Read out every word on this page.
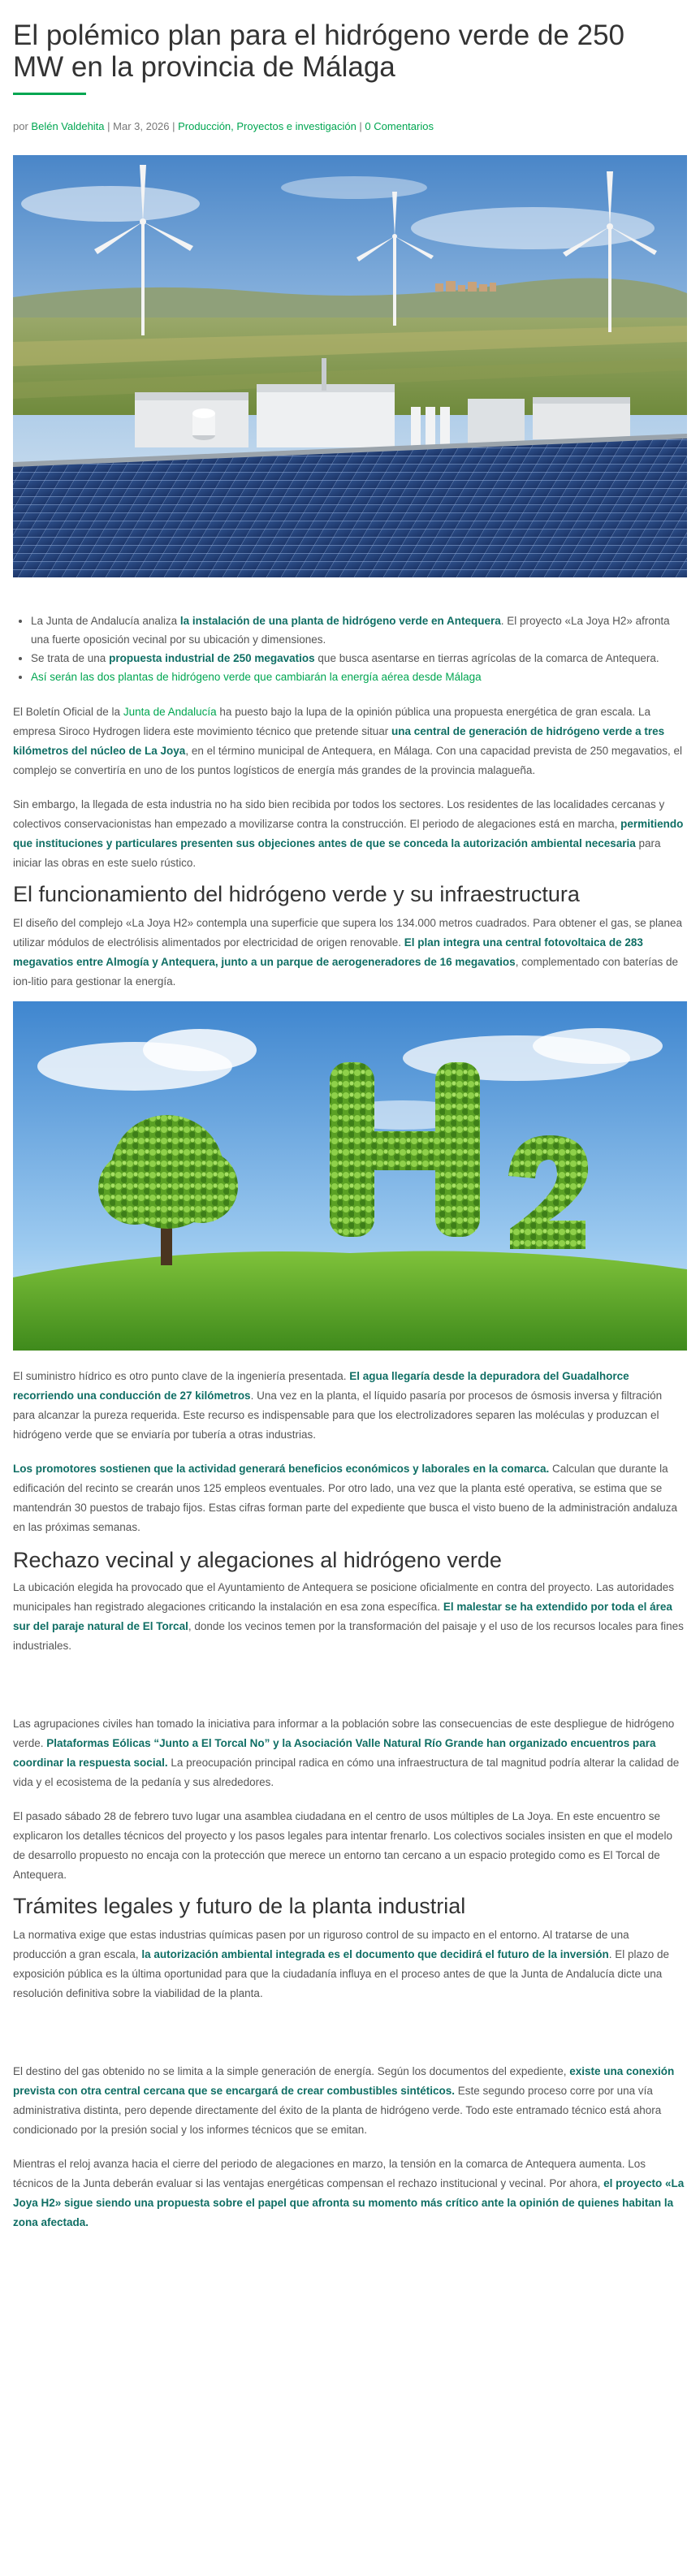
El polémico plan para el hidrógeno verde de 250 MW en la provincia de Málaga
por Belén Valdehita | Mar 3, 2026 | Producción, Proyectos e investigación | 0 Comentarios
• La Junta de Andalucía analiza la instalación de una planta de hidrógeno verde en Antequera. El proyecto «La Joya H2» afronta una fuerte oposición vecinal por su ubicación y dimensiones.
• Se trata de una propuesta industrial de 250 megavatios que busca asentarse en tierras agrícolas de la comarca de Antequera.
• Así serán las dos plantas de hidrógeno verde que cambiarán la energía aérea desde Málaga

El Boletín Oficial de la Junta de Andalucía ha puesto bajo la lupa de la opinión pública una propuesta energética de gran escala. La empresa Siroco Hydrogen lidera este movimiento técnico que pretende situar una central de generación de hidrógeno verde a tres kilómetros del núcleo de La Joya, en el término municipal de Antequera, en Málaga. Con una capacidad prevista de 250 megavatios, el complejo se convertiría en uno de los puntos logísticos de energía más grandes de la provincia malagueña.

Sin embargo, la llegada de esta industria no ha sido bien recibida por todos los sectores. Los residentes de las localidades cercanas y colectivos conservacionistas han empezado a movilizarse contra la construcción. El periodo de alegaciones está en marcha, permitiendo que instituciones y particulares presenten sus objeciones antes de que se conceda la autorización ambiental necesaria para iniciar las obras en este suelo rústico.

El funcionamiento del hidrógeno verde y su infraestructura

El diseño del complejo «La Joya H2» contempla una superficie que supera los 134.000 metros cuadrados. Para obtener el gas, se planea utilizar módulos de electrólisis alimentados por electricidad de origen renovable. El plan integra una central fotovoltaica de 283 megavatios entre Almogía y Antequera, junto a un parque de aerogeneradores de 16 megavatios, complementado con baterías de ion-litio para gestionar la energía.

El suministro hídrico es otro punto clave de la ingeniería presentada. El agua llegaría desde la depuradora del Guadalhorce recorriendo una conducción de 27 kilómetros. Una vez en la planta, el líquido pasaría por procesos de ósmosis inversa y filtración para alcanzar la pureza requerida. Este recurso es indispensable para que los electrolizadores separen las moléculas y produzcan el hidrógeno verde que se enviaría por tubería a otras industrias.

Los promotores sostienen que la actividad generará beneficios económicos y laborales en la comarca. Calculan que durante la edificación del recinto se crearán unos 125 empleos eventuales. Por otro lado, una vez que la planta esté operativa, se estima que se mantendrán 30 puestos de trabajo fijos. Estas cifras forman parte del expediente que busca el visto bueno de la administración andaluza en las próximas semanas.

Rechazo vecinal y alegaciones al hidrógeno verde

La ubicación elegida ha provocado que el Ayuntamiento de Antequera se posicione oficialmente en contra del proyecto. Las autoridades municipales han registrado alegaciones criticando la instalación en esa zona específica. El malestar se ha extendido por toda el área sur del paraje natural de El Torcal, donde los vecinos temen por la transformación del paisaje y el uso de los recursos locales para fines industriales.

Las agrupaciones civiles han tomado la iniciativa para informar a la población sobre las consecuencias de este despliegue de hidrógeno verde. Plataformas Eólicas “Junto a El Torcal No” y la Asociación Valle Natural Río Grande han organizado encuentros para coordinar la respuesta social. La preocupación principal radica en cómo una infraestructura de tal magnitud podría alterar la calidad de vida y el ecosistema de la pedanía y sus alrededores.

El pasado sábado 28 de febrero tuvo lugar una asamblea ciudadana en el centro de usos múltiples de La Joya. En este encuentro se explicaron los detalles técnicos del proyecto y los pasos legales para intentar frenarlo. Los colectivos sociales insisten en que el modelo de desarrollo propuesto no encaja con la protección que merece un entorno tan cercano a un espacio protegido como es El Torcal de Antequera.

Trámites legales y futuro de la planta industrial

La normativa exige que estas industrias químicas pasen por un riguroso control de su impacto en el entorno. Al tratarse de una producción a gran escala, la autorización ambiental integrada es el documento que decidirá el futuro de la inversión. El plazo de exposición pública es la última oportunidad para que la ciudadanía influya en el proceso antes de que la Junta de Andalucía dicte una resolución definitiva sobre la viabilidad de la planta.

El destino del gas obtenido no se limita a la simple generación de energía. Según los documentos del expediente, existe una conexión prevista con otra central cercana que se encargará de crear combustibles sintéticos. Este segundo proceso corre por una vía administrativa distinta, pero depende directamente del éxito de la planta de hidrógeno verde. Todo este entramado técnico está ahora condicionado por la presión social y los informes técnicos que se emitan.

Mientras el reloj avanza hacia el cierre del periodo de alegaciones en marzo, la tensión en la comarca de Antequera aumenta. Los técnicos de la Junta deberán evaluar si las ventajas energéticas compensan el rechazo institucional y vecinal. Por ahora, el proyecto «La Joya H2» sigue siendo una propuesta sobre el papel que afronta su momento más crítico ante la opinión de quienes habitan la zona afectada.
